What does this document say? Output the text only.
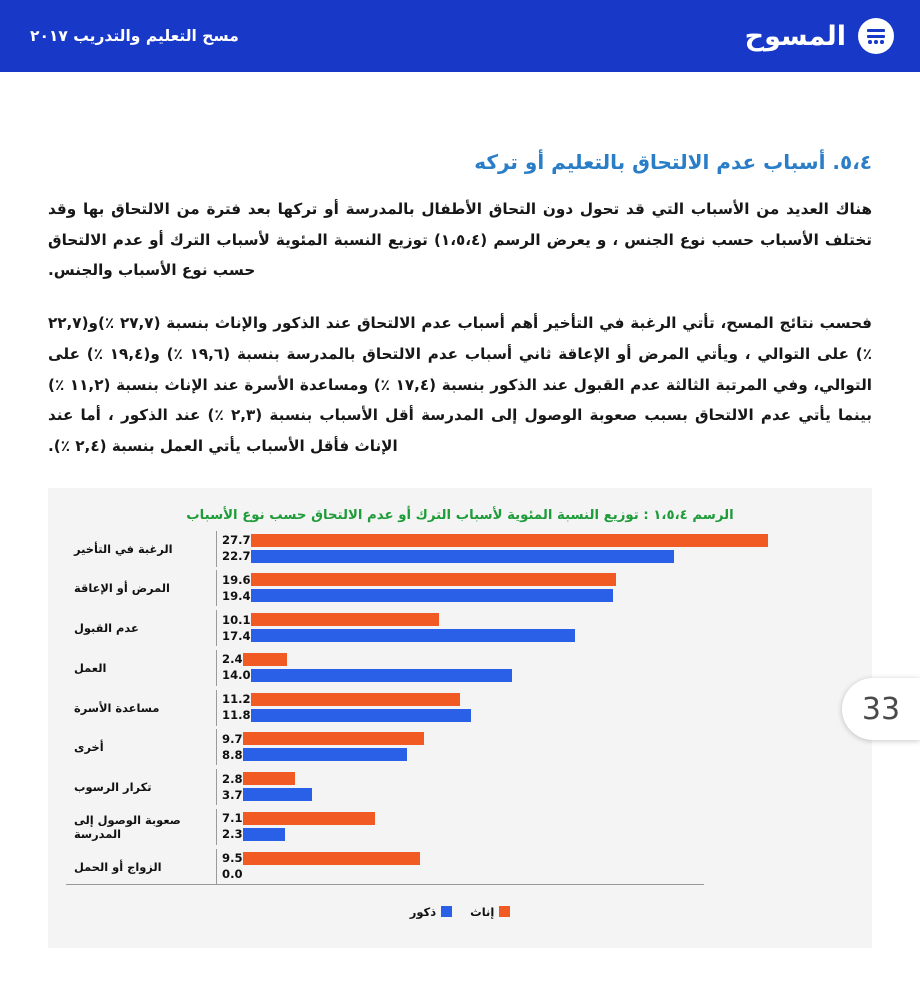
المسوح
مسح التعليم والتدريب ٢٠١٧
٥،٤. أسباب عدم الالتحاق بالتعليم أو تركه

هناك العديد من الأسباب التي قد تحول دون التحاق الأطفال بالمدرسة أو تركها بعد فترة من الالتحاق بها وقد تختلف الأسباب حسب نوع الجنس ، و يعرض الرسم (١،٥،٤) توزيع النسبة المئوية لأسباب الترك أو عدم الالتحاق حسب نوع الأسباب والجنس.

فحسب نتائج المسح، تأتي الرغبة في التأخير أهم أسباب عدم الالتحاق عند الذكور والإناث بنسبة (٢٧,٧ ٪)و(٢٢,٧ ٪) على التوالي ، ويأتي المرض أو الإعاقة ثاني أسباب عدم الالتحاق بالمدرسة بنسبة (١٩,٦ ٪) و(١٩,٤ ٪) على التوالي، وفي المرتبة الثالثة عدم القبول عند الذكور بنسبة (١٧,٤ ٪) ومساعدة الأسرة عند الإناث بنسبة (١١,٢ ٪) بينما يأتي عدم الالتحاق بسبب صعوبة الوصول إلى المدرسة أقل الأسباب بنسبة (٢,٣ ٪) عند الذكور ، أما عند الإناث فأقل الأسباب يأتي العمل بنسبة (٢,٤ ٪).

الرسم ١،٥،٤ : توزيع النسبة المئوية لأسباب الترك أو عدم الالتحاق حسب نوع الأسباب
27.7
22.7
الرغبة في التأخير
19.6
19.4
المرض أو الإعاقة
10.1
17.4
عدم القبول
2.4
14.0
العمل
11.2
11.8
مساعدة الأسرة
9.7
8.8
أخرى
2.8
3.7
تكرار الرسوب
7.1
2.3
صعوبة الوصول إلى المدرسة
9.5
0.0
الزواج أو الحمل
إناث
ذكور
33
